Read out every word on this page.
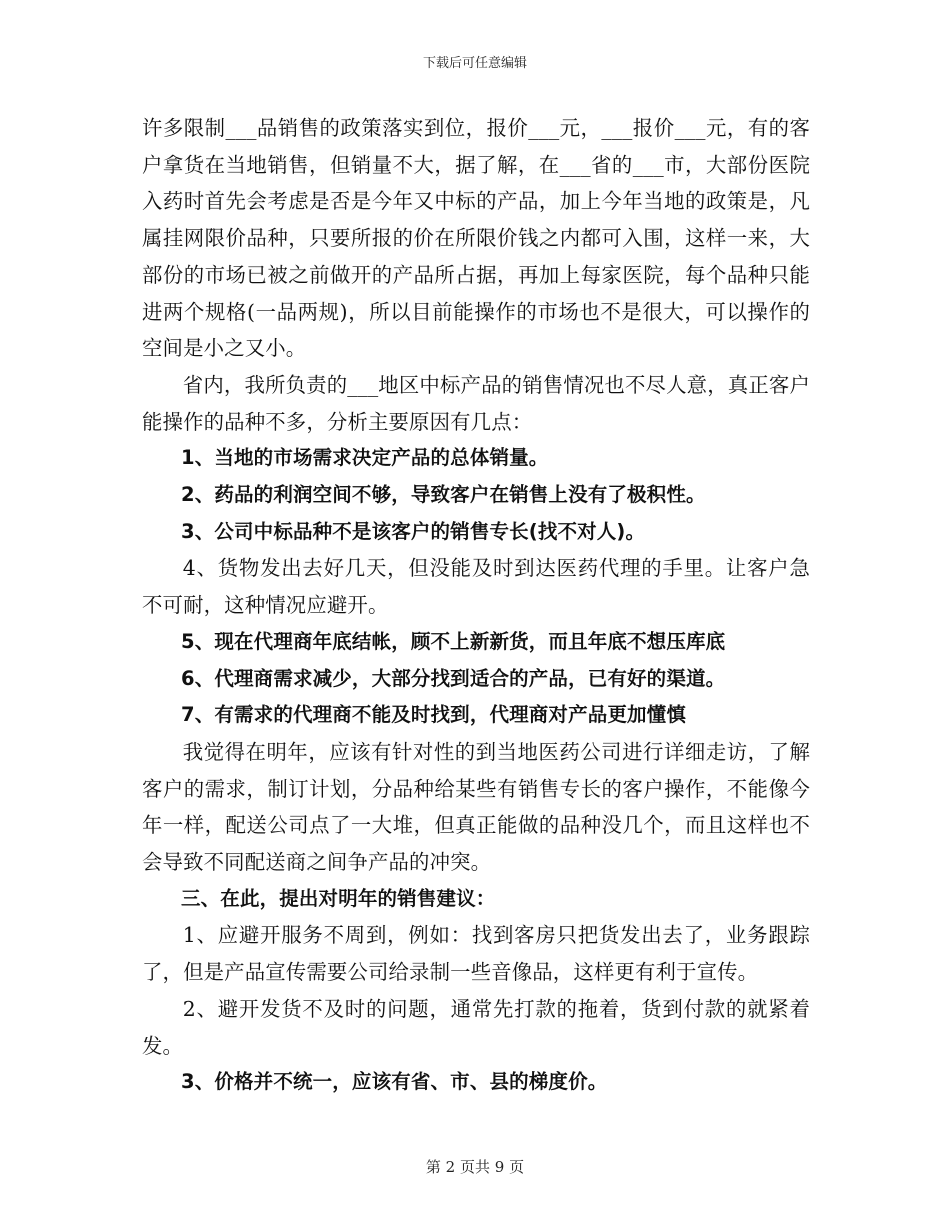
下载后可任意编辑

许多限制___品销售的政策落实到位，报价___元，___报价___元，有的客户拿货在当地销售，但销量不大，据了解，在___省的___市，大部份医院入药时首先会考虑是否是今年又中标的产品，加上今年当地的政策是，凡属挂网限价品种，只要所报的价在所限价钱之内都可入围，这样一来，大部份的市场已被之前做开的产品所占据，再加上每家医院，每个品种只能进两个规格(一品两规)，所以目前能操作的市场也不是很大，可以操作的空间是小之又小。

省内，我所负责的___地区中标产品的销售情况也不尽人意，真正客户能操作的品种不多，分析主要原因有几点：

1、当地的市场需求决定产品的总体销量。

2、药品的利润空间不够，导致客户在销售上没有了极积性。

3、公司中标品种不是该客户的销售专长(找不对人)。

4、货物发出去好几天，但没能及时到达医药代理的手里。让客户急不可耐，这种情况应避开。

5、现在代理商年底结帐，顾不上新新货，而且年底不想压库底

6、代理商需求减少，大部分找到适合的产品，已有好的渠道。

7、有需求的代理商不能及时找到，代理商对产品更加懂慎

我觉得在明年，应该有针对性的到当地医药公司进行详细走访，了解客户的需求，制订计划，分品种给某些有销售专长的客户操作，不能像今年一样，配送公司点了一大堆，但真正能做的品种没几个，而且这样也不会导致不同配送商之间争产品的冲突。

三、在此，提出对明年的销售建议：

1、应避开服务不周到，例如：找到客房只把货发出去了，业务跟踪了，但是产品宣传需要公司给录制一些音像品，这样更有利于宣传。

2、避开发货不及时的问题，通常先打款的拖着，货到付款的就紧着发。

3、价格并不统一，应该有省、市、县的梯度价。

第 2 页共 9 页
